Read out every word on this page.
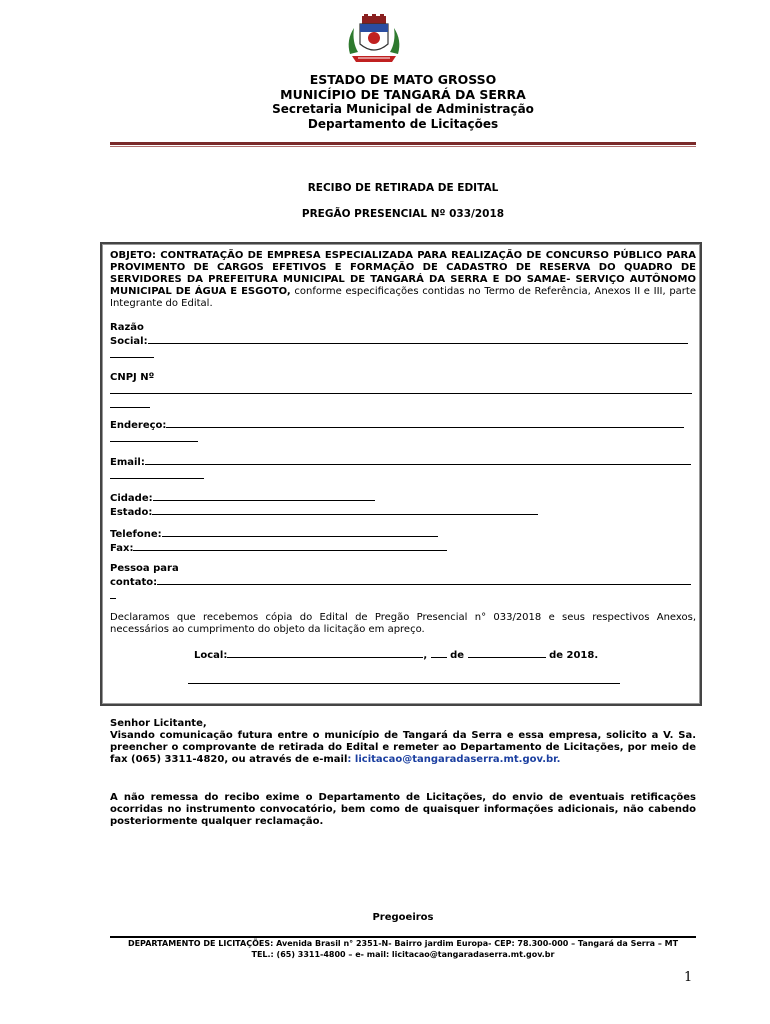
ESTADO DE MATO GROSSO
MUNICÍPIO DE TANGARÁ DA SERRA
Secretaria Municipal de Administração
Departamento de Licitações
RECIBO DE RETIRADA DE EDITAL
PREGÃO PRESENCIAL Nº 033/2018
OBJETO: CONTRATAÇÃO DE EMPRESA ESPECIALIZADA PARA REALIZAÇÃO DE CONCURSO PÚBLICO PARA PROVIMENTO DE CARGOS EFETIVOS E FORMAÇÃO DE CADASTRO DE RESERVA DO QUADRO DE SERVIDORES DA PREFEITURA MUNICIPAL DE TANGARÁ DA SERRA E DO SAMAE- SERVIÇO AUTÔNOMO MUNICIPAL DE ÁGUA E ESGOTO, conforme especificações contidas no Termo de Referência, Anexos II e III, parte Integrante do Edital.
Razão
Social:
CNPJ Nº
Endereço:
Email:
Cidade:
Estado:
Telefone:
Fax:
Pessoa para
contato:
Declaramos que recebemos cópia do Edital de Pregão Presencial n° 033/2018 e seus respectivos Anexos, necessários ao cumprimento do objeto da licitação em apreço.
Local:	, de	de 2018.
Senhor Licitante,
Visando comunicação futura entre o município de Tangará da Serra e essa empresa, solicito a V. Sa. preencher o comprovante de retirada do Edital e remeter ao Departamento de Licitações, por meio de fax (065) 3311-4820, ou através de e-mail: licitacao@tangaradaserra.mt.gov.br.
A não remessa do recibo exime o Departamento de Licitações, do envio de eventuais retificações ocorridas no instrumento convocatório, bem como de quaisquer informações adicionais, não cabendo posteriormente qualquer reclamação.
Pregoeiros
DEPARTAMENTO DE LICITAÇÕES: Avenida Brasil n° 2351-N- Bairro jardim Europa- CEP: 78.300-000 – Tangará da Serra – MT
TEL.: (65) 3311-4800 – e- mail: licitacao@tangaradaserra.mt.gov.br
1
